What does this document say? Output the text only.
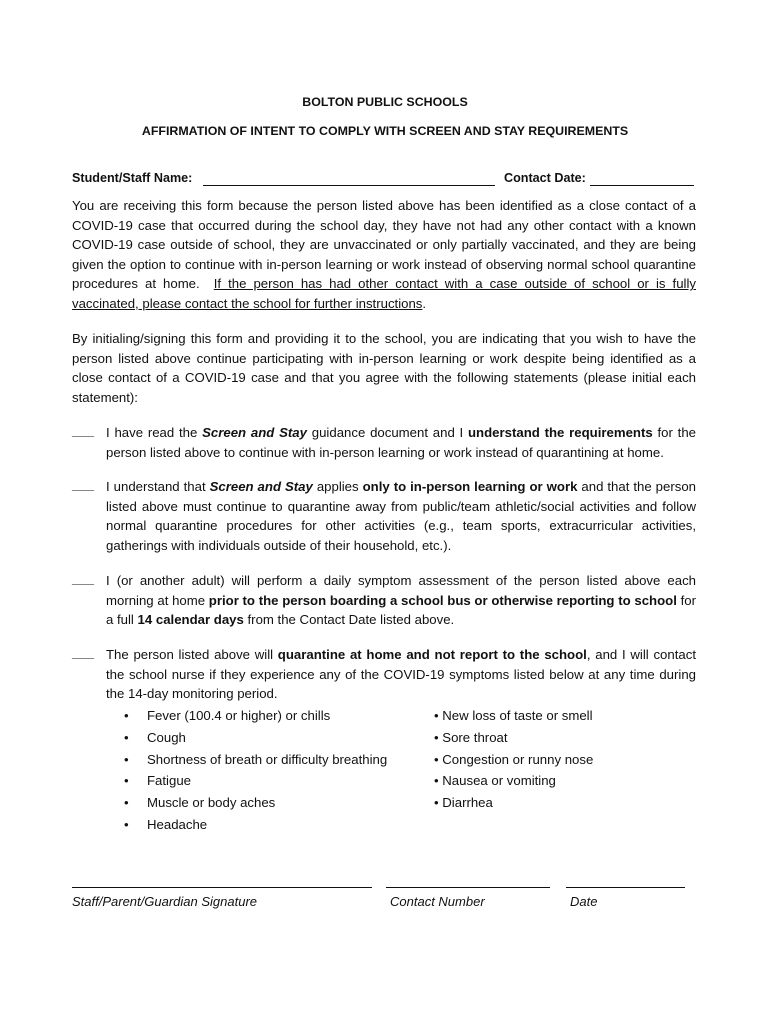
BOLTON PUBLIC SCHOOLS
AFFIRMATION OF INTENT TO COMPLY WITH SCREEN AND STAY REQUIREMENTS
Student/Staff Name:	Contact Date:
You are receiving this form because the person listed above has been identified as a close contact of a COVID-19 case that occurred during the school day, they have not had any other contact with a known COVID-19 case outside of school, they are unvaccinated or only partially vaccinated, and they are being given the option to continue with in-person learning or work instead of observing normal school quarantine procedures at home. If the person has had other contact with a case outside of school or is fully vaccinated, please contact the school for further instructions.
By initialing/signing this form and providing it to the school, you are indicating that you wish to have the person listed above continue participating with in-person learning or work despite being identified as a close contact of a COVID-19 case and that you agree with the following statements (please initial each statement):
___ I have read the Screen and Stay guidance document and I understand the requirements for the person listed above to continue with in-person learning or work instead of quarantining at home.
___ I understand that Screen and Stay applies only to in-person learning or work and that the person listed above must continue to quarantine away from public/team athletic/social activities and follow normal quarantine procedures for other activities (e.g., team sports, extracurricular activities, gatherings with individuals outside of their household, etc.).
___ I (or another adult) will perform a daily symptom assessment of the person listed above each morning at home prior to the person boarding a school bus or otherwise reporting to school for a full 14 calendar days from the Contact Date listed above.
___ The person listed above will quarantine at home and not report to the school, and I will contact the school nurse if they experience any of the COVID-19 symptoms listed below at any time during the 14-day monitoring period.
• Fever (100.4 or higher) or chills
• Cough
• Shortness of breath or difficulty breathing
• Fatigue
• Muscle or body aches
• Headache
• New loss of taste or smell
• Sore throat
• Congestion or runny nose
• Nausea or vomiting
• Diarrhea
Staff/Parent/Guardian Signature	Contact Number	Date
